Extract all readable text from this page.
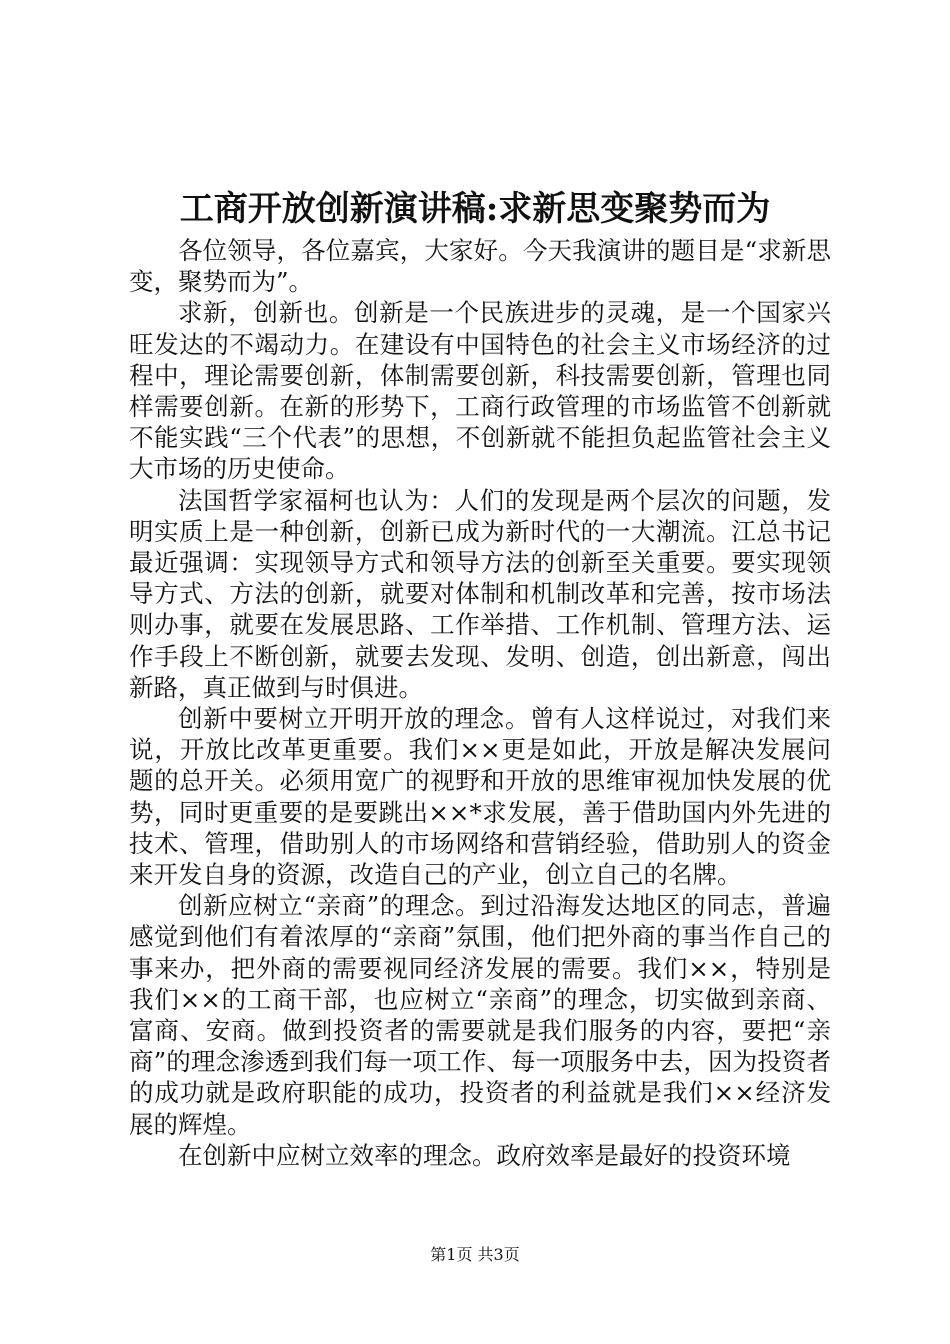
工商开放创新演讲稿:求新思变聚势而为

各位领导，各位嘉宾，大家好。今天我演讲的题目是“求新思变，聚势而为”。

求新，创新也。创新是一个民族进步的灵魂，是一个国家兴旺发达的不竭动力。在建设有中国特色的社会主义市场经济的过程中，理论需要创新，体制需要创新，科技需要创新，管理也同样需要创新。在新的形势下，工商行政管理的市场监管不创新就不能实践“三个代表”的思想，不创新就不能担负起监管社会主义大市场的历史使命。

法国哲学家福柯也认为：人们的发现是两个层次的问题，发明实质上是一种创新，创新已成为新时代的一大潮流。江总书记最近强调：实现领导方式和领导方法的创新至关重要。要实现领导方式、方法的创新，就要对体制和机制改革和完善，按市场法则办事，就要在发展思路、工作举措、工作机制、管理方法、运作手段上不断创新，就要去发现、发明、创造，创出新意，闯出新路，真正做到与时俱进。

创新中要树立开明开放的理念。曾有人这样说过，对我们来说，开放比改革更重要。我们××更是如此，开放是解决发展问题的总开关。必须用宽广的视野和开放的思维审视加快发展的优势，同时更重要的是要跳出××*求发展，善于借助国内外先进的技术、管理，借助别人的市场网络和营销经验，借助别人的资金来开发自身的资源，改造自己的产业，创立自己的名牌。

创新应树立“亲商”的理念。到过沿海发达地区的同志，普遍感觉到他们有着浓厚的“亲商”氛围，他们把外商的事当作自己的事来办，把外商的需要视同经济发展的需要。我们××，特别是我们××的工商干部，也应树立“亲商”的理念，切实做到亲商、富商、安商。做到投资者的需要就是我们服务的内容，要把“亲商”的理念渗透到我们每一项工作、每一项服务中去，因为投资者的成功就是政府职能的成功，投资者的利益就是我们××经济发展的辉煌。

在创新中应树立效率的理念。政府效率是最好的投资环境

第1页 共3页
